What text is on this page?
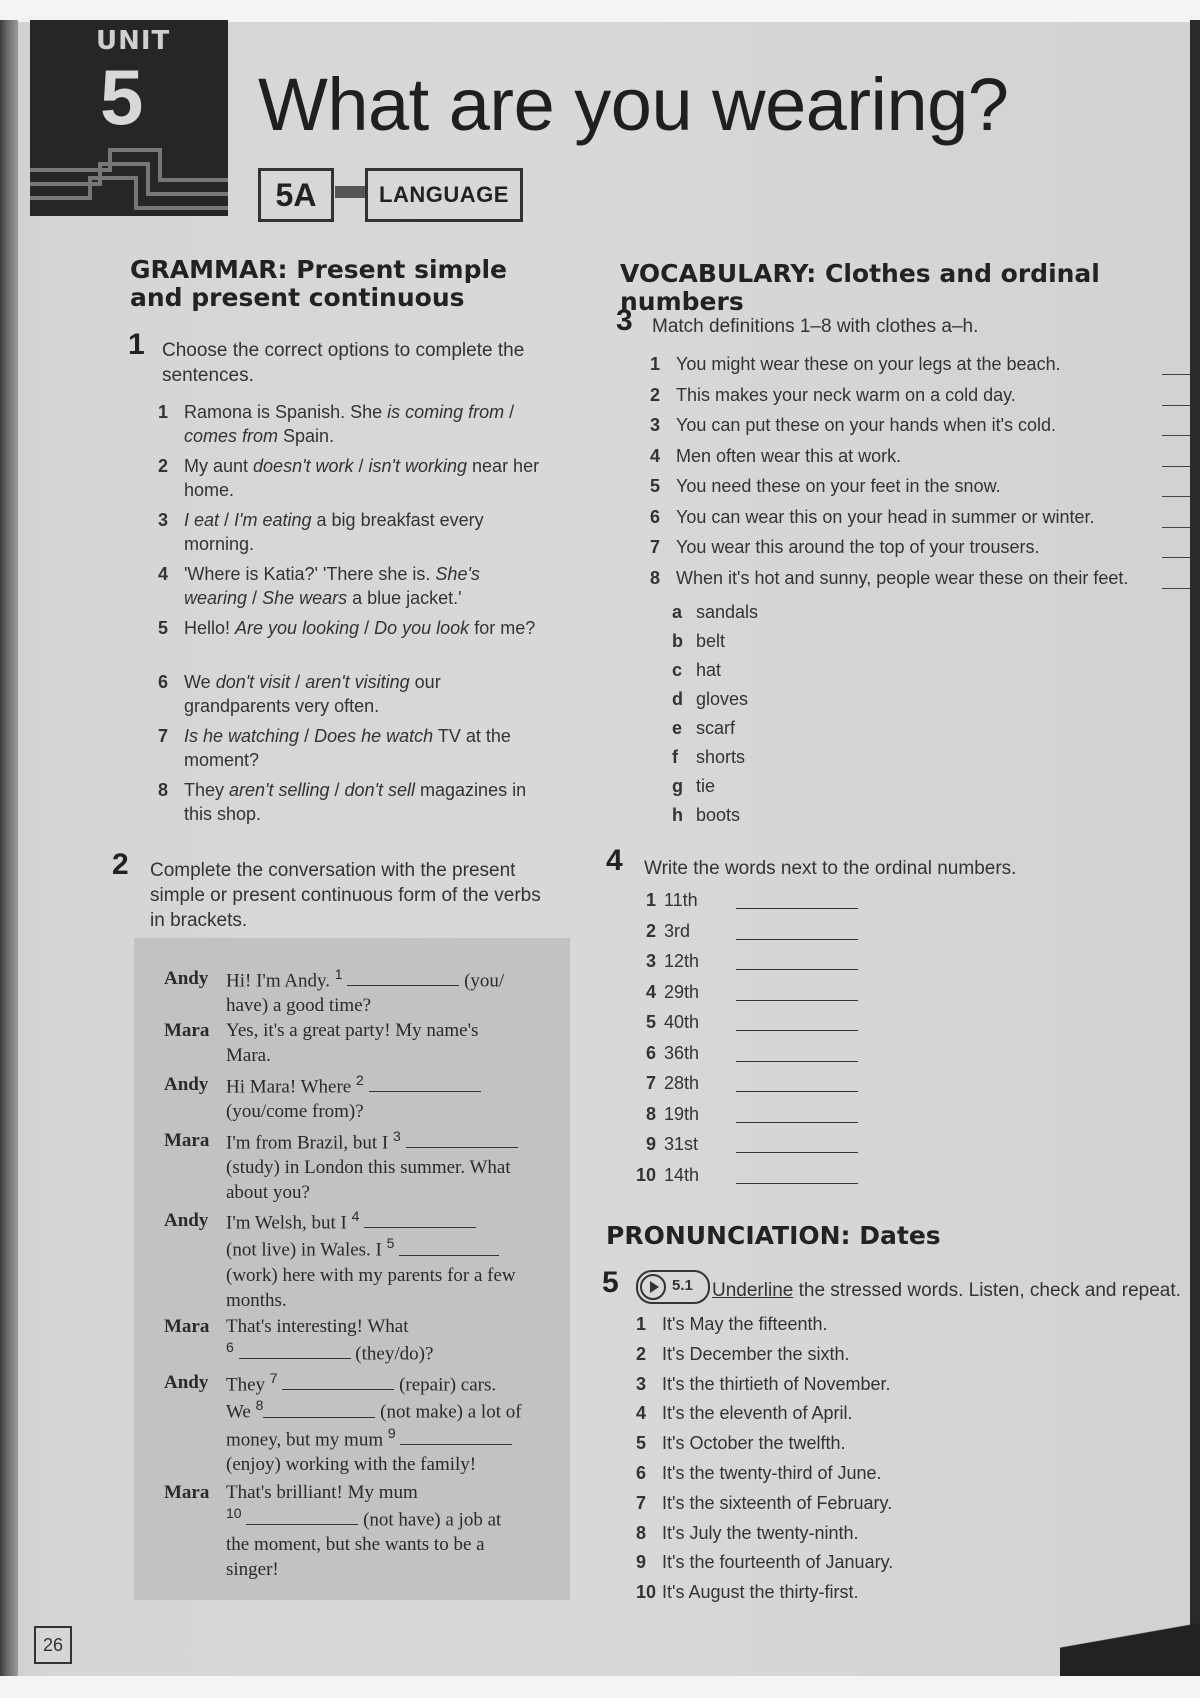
UNIT
5 What are you wearing?
5A	LANGUAGE
GRAMMAR: Present simple and present continuous
1 Choose the correct options to complete the sentences.
1 Ramona is Spanish. She is coming from / comes from Spain.
2 My aunt doesn't work / isn't working near her home.
3 I eat / I'm eating a big breakfast every morning.
4 'Where is Katia?' 'There she is. She's wearing / She wears a blue jacket.'
5 Hello! Are you looking / Do you look for me?
6 We don't visit / aren't visiting our grandparents very often.
7 Is he watching / Does he watch TV at the moment?
8 They aren't selling / don't sell magazines in this shop.
2 Complete the conversation with the present simple or present continuous form of the verbs in brackets.
Andy Hi! I'm Andy. $^1$	(you/
have) a good time?
Mara Yes, it's a great party! My name's
Mara.
Andy Hi Mara! Where $^2$
(you/come from)?
Mara I'm from Brazil, but I $^3$
(study) in London this summer. What
about you?
Andy I'm Welsh, but I $^4$
(not live) in Wales. I $^5$
(work) here with my parents for a few
months.
Mara That's interesting! What
$^6$	(they/do)?
Andy They $^7$	(repair) cars.
We $^8$	(not make) a lot of
money, but my mum $^9$
(enjoy) working with the family!
Mara That's brilliant! My mum
$^{10}$	(not have) a job at
the moment, but she wants to be a
singer!
VOCABULARY: Clothes and ordinal numbers
3 Match definitions 1–8 with clothes a–h.
1 You might wear these on your legs at the beach.
2 This makes your neck warm on a cold day.
3 You can put these on your hands when it's cold.
4 Men often wear this at work.
5 You need these on your feet in the snow.
6 You can wear this on your head in summer or winter.
7 You wear this around the top of your trousers.
8 When it's hot and sunny, people wear these on their feet.
a sandals
b belt
c hat
d gloves
e scarf
f shorts
g tie
h boots
4 Write the words next to the ordinal numbers.
1 11th
2 3rd
3 12th
4 29th
5 40th
6 36th
7 28th
8 19th
9 31st
10 14th
PRONUNCIATION: Dates
5	5.1 Underline the stressed words. Listen, check and repeat.
1 It's May the fifteenth.
2 It's December the sixth.
3 It's the thirtieth of November.
4 It's the eleventh of April.
5 It's October the twelfth.
6 It's the twenty-third of June.
7 It's the sixteenth of February.
8 It's July the twenty-ninth.
9 It's the fourteenth of January.
10 It's August the thirty-first.
26
